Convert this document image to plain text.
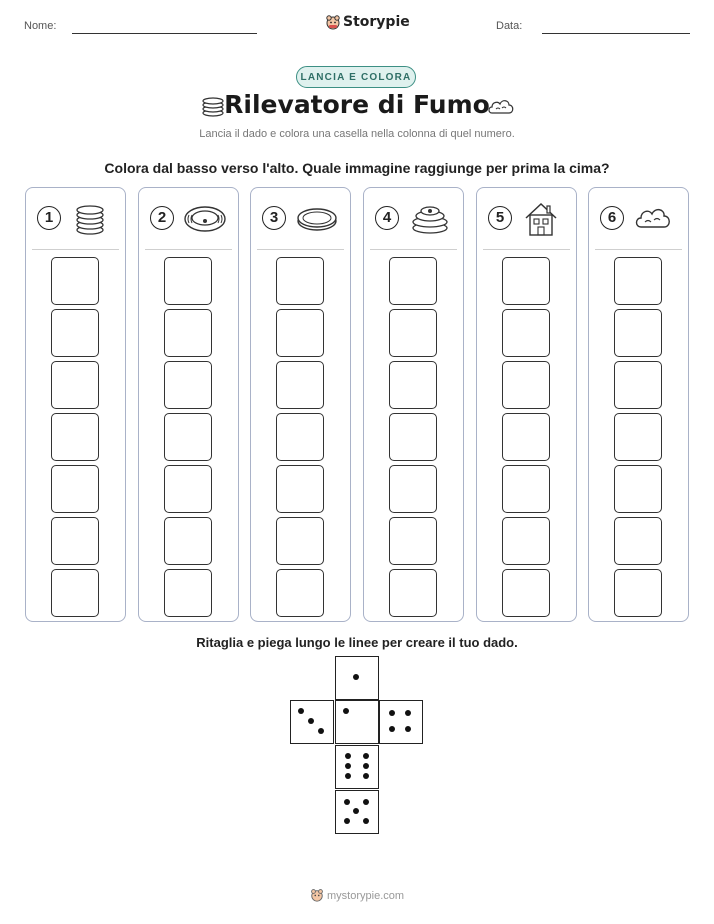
Nome:	Storypie	Data:
LANCIA E COLORA
Rilevatore di Fumo
Lancia il dado e colora una casella nella colonna di quel numero.
Colora dal basso verso l'alto. Quale immagine raggiunge per prima la cima?
1	2	3	4	5	6
Ritaglia e piega lungo le linee per creare il tuo dado.
mystorypie.com
